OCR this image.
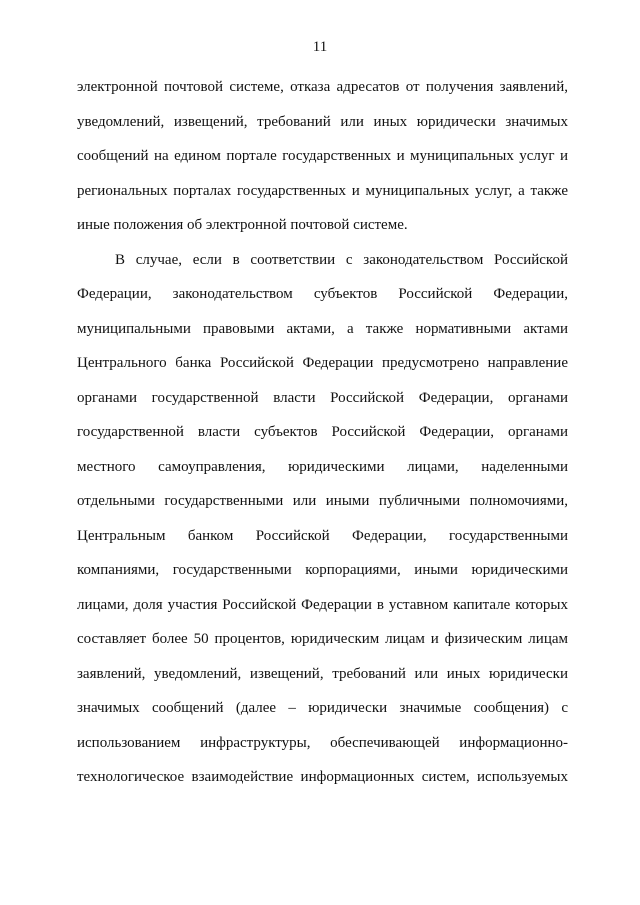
11
электронной почтовой системе, отказа адресатов от получения заявлений,
уведомлений, извещений, требований или иных юридически значимых
сообщений на едином портале государственных и муниципальных услуг и
региональных порталах государственных и муниципальных услуг, а также
иные положения об электронной почтовой системе.
В случае, если в соответствии с законодательством Российской
Федерации, законодательством субъектов Российской Федерации,
муниципальными правовыми актами, а также нормативными актами
Центрального банка Российской Федерации предусмотрено направление
органами государственной власти Российской Федерации, органами
государственной власти субъектов Российской Федерации, органами
местного самоуправления, юридическими лицами, наделенными
отдельными государственными или иными публичными полномочиями,
Центральным банком Российской Федерации, государственными
компаниями, государственными корпорациями, иными юридическими
лицами, доля участия Российской Федерации в уставном капитале которых
составляет более 50 процентов, юридическим лицам и физическим лицам
заявлений, уведомлений, извещений, требований или иных юридически
значимых сообщений (далее – юридически значимые сообщения) с
использованием инфраструктуры, обеспечивающей информационно-
технологическое взаимодействие информационных систем, используемых
